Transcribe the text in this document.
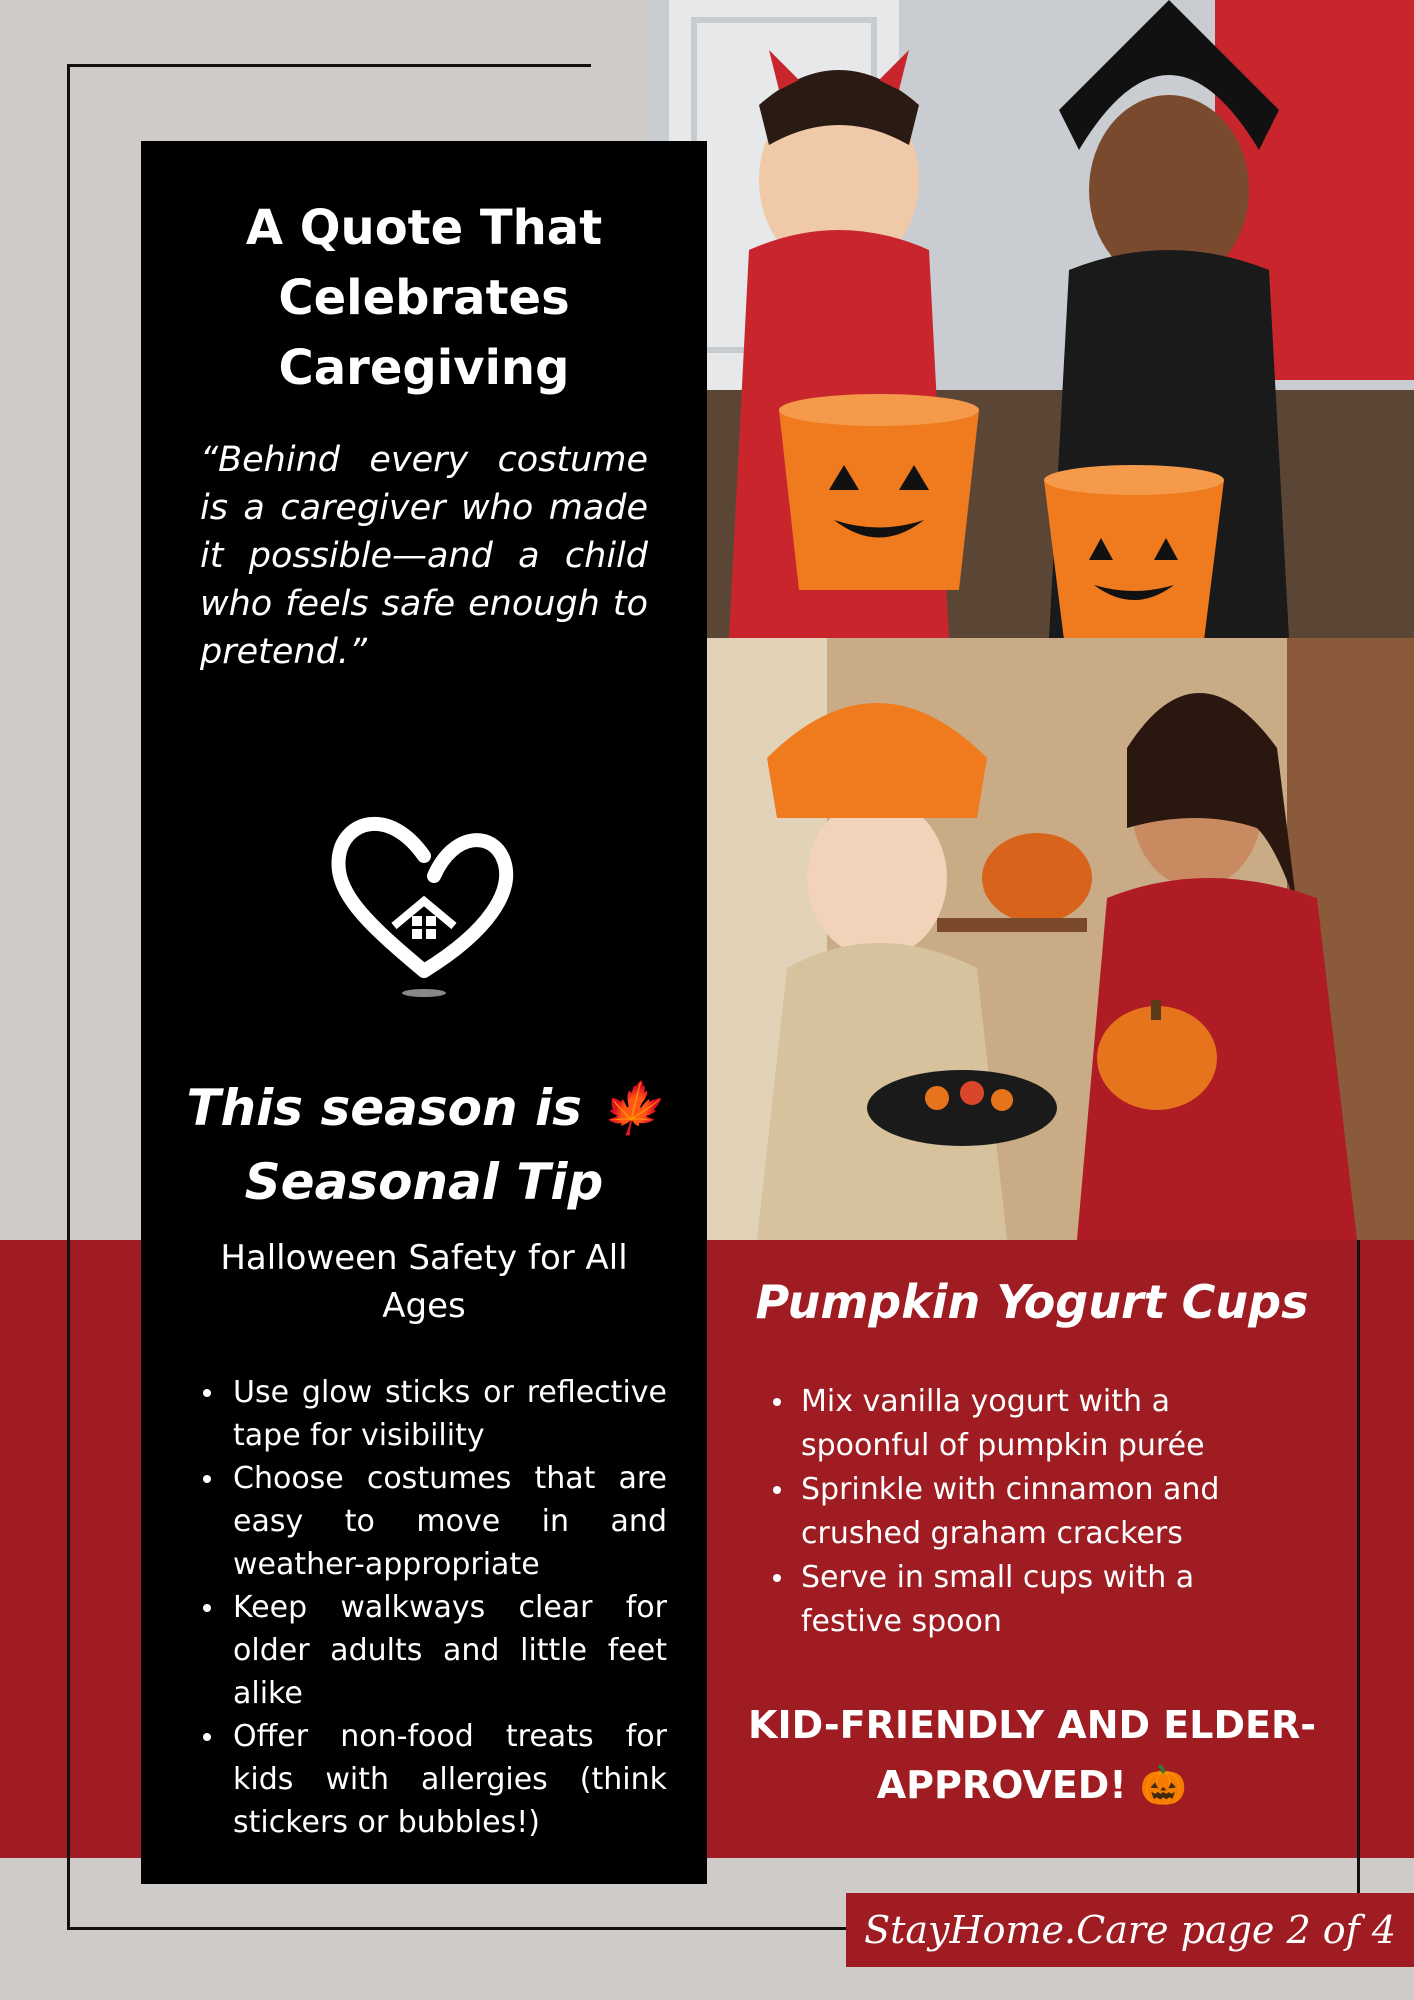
A Quote That Celebrates Caregiving
“Behind every costume is a caregiver who made it possible—and a child who feels safe enough to pretend.”
This season is 🍁 Seasonal Tip
Halloween Safety for All Ages
Use glow sticks or reflective tape for visibility
Choose costumes that are easy to move in and weather-appropriate
Keep walkways clear for older adults and little feet alike
Offer non-food treats for kids with allergies (think stickers or bubbles!)
Pumpkin Yogurt Cups
Mix vanilla yogurt with a spoonful of pumpkin purée
Sprinkle with cinnamon and crushed graham crackers
Serve in small cups with a festive spoon
KID-FRIENDLY AND ELDER-APPROVED! 🎃
StayHome.Care page 2 of 4
